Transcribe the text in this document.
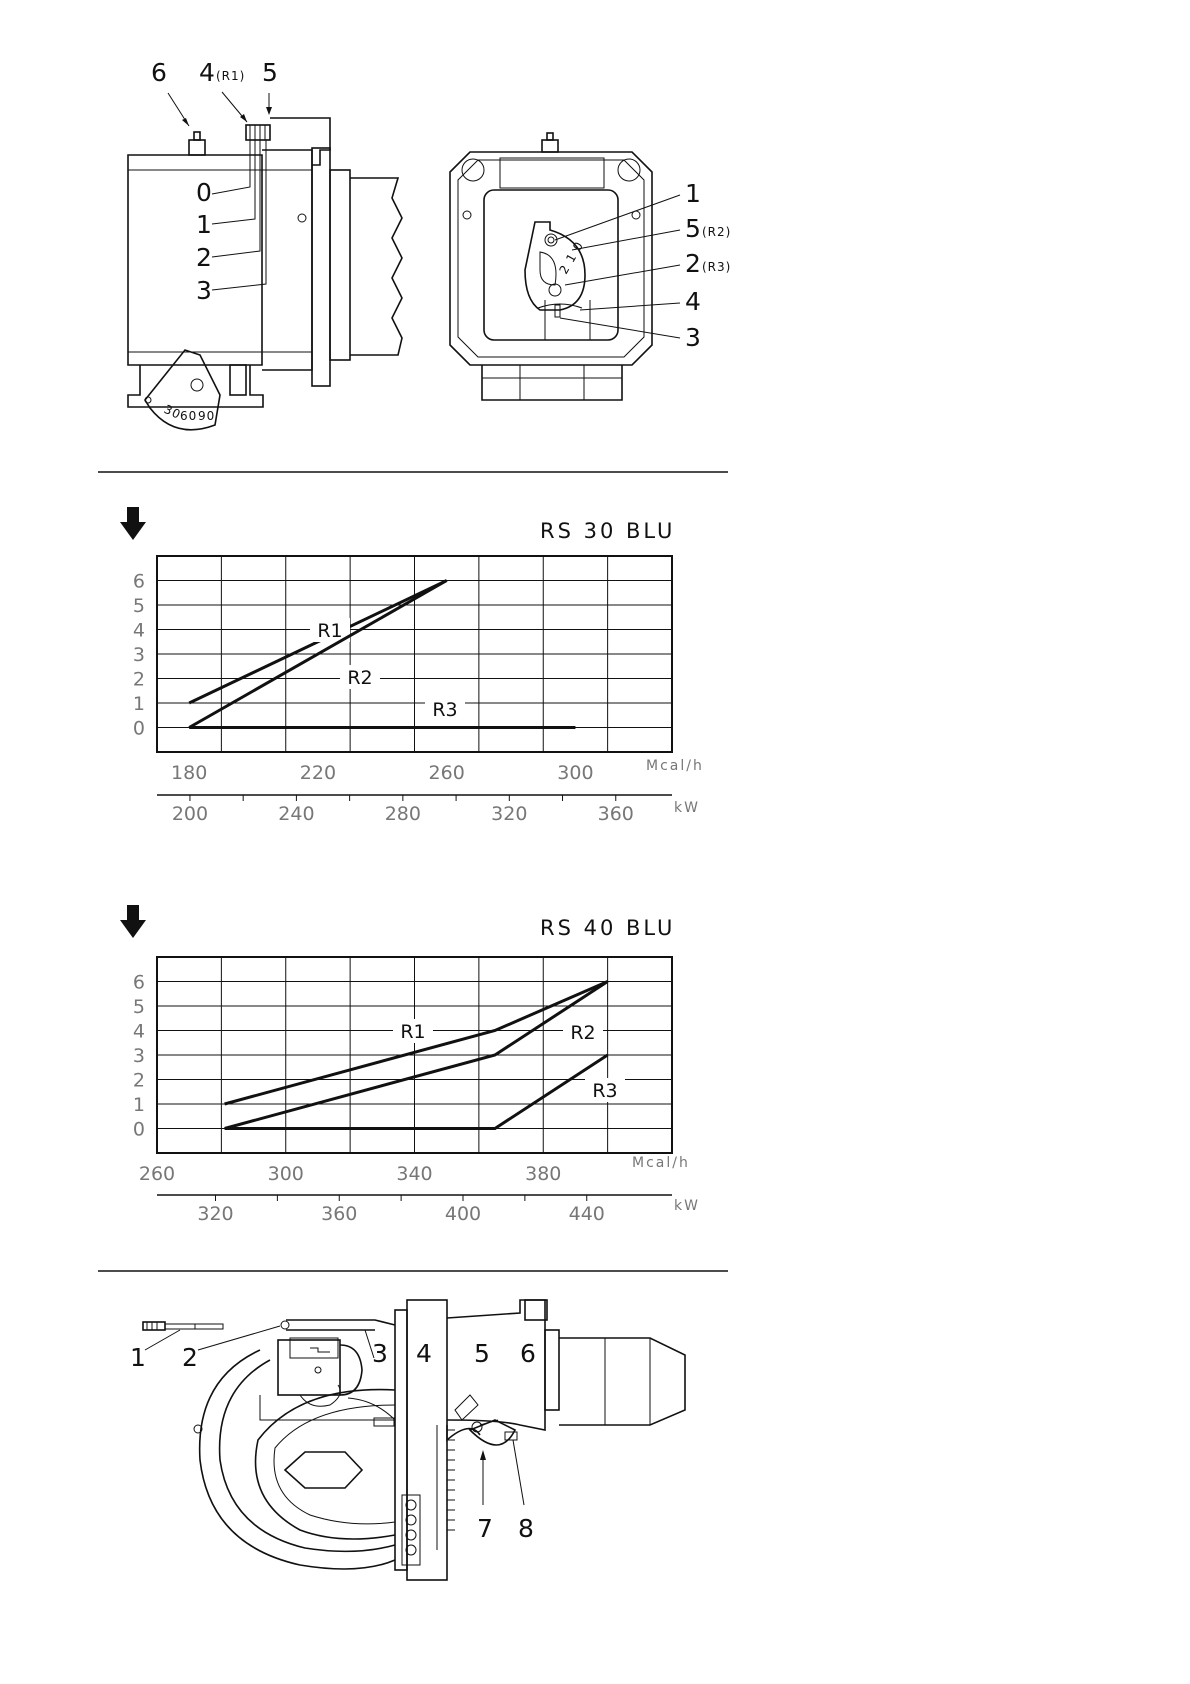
30
60 90
6 4 (R1) 5
0
1
2
3
2 1 0
1
5 (R2)
2 (R3)
4
3
RS 30 BLU
R1
R2
R3
0
1
2
3
4
5
6
180	220	260	300
200	240	280	320	360
Mcal/h
kW
RS 40 BLU
R1	R2
R3
0
1
2
3
4
5
6
260	300	340	380
320	360	400	440
Mcal/h
kW
1 2	3 4 5 6
7 8
